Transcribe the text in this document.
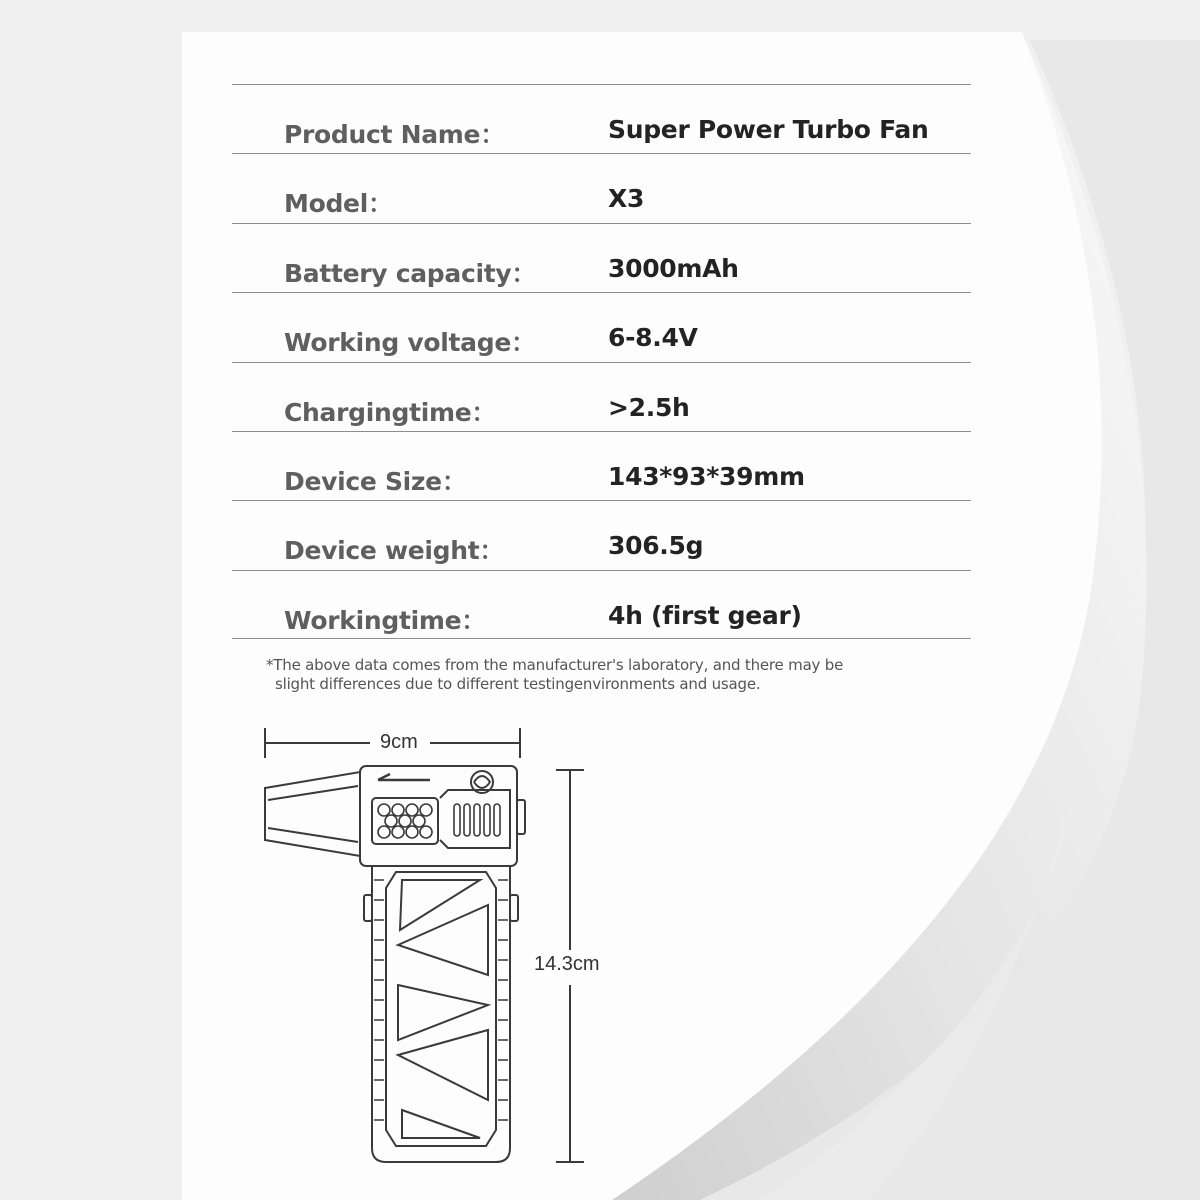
Product Name：	Super Power Turbo Fan
Model：	X3
Battery capacity：	3000mAh
Working voltage：	6-8.4V
Chargingtime：	>2.5h
Device Size：	143*93*39mm
Device weight：	306.5g
Workingtime：	4h (first gear)
*The above data comes from the manufacturer's laboratory, and there may be
slight differences due to different testingenvironments and usage.
9cm
14.3cm
